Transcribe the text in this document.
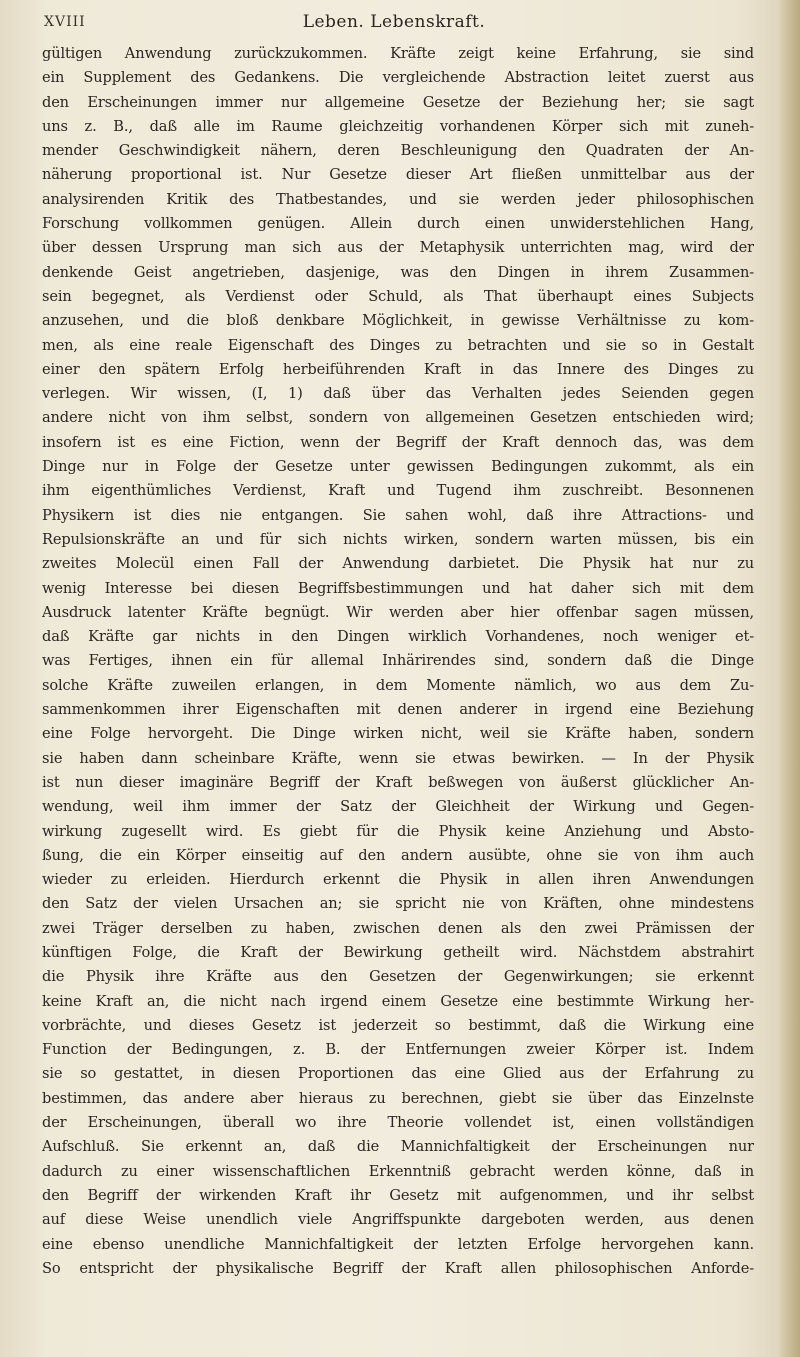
XVIII	Leben. Lebenskraft.
gültigen Anwendung zurückzukommen. Kräfte zeigt keine Erfahrung, sie sind
ein Supplement des Gedankens. Die vergleichende Abstraction leitet zuerst aus
den Erscheinungen immer nur allgemeine Gesetze der Beziehung her; sie sagt
uns z. B., daß alle im Raume gleichzeitig vorhandenen Körper sich mit zuneh-
mender Geschwindigkeit nähern, deren Beschleunigung den Quadraten der An-
näherung proportional ist. Nur Gesetze dieser Art fließen unmittelbar aus der
analysirenden Kritik des Thatbestandes, und sie werden jeder philosophischen
Forschung vollkommen genügen. Allein durch einen unwiderstehlichen Hang,
über dessen Ursprung man sich aus der Metaphysik unterrichten mag, wird der
denkende Geist angetrieben, dasjenige, was den Dingen in ihrem Zusammen-
sein begegnet, als Verdienst oder Schuld, als That überhaupt eines Subjects
anzusehen, und die bloß denkbare Möglichkeit, in gewisse Verhältnisse zu kom-
men, als eine reale Eigenschaft des Dinges zu betrachten und sie so in Gestalt
einer den spätern Erfolg herbeiführenden Kraft in das Innere des Dinges zu
verlegen. Wir wissen, (I, 1) daß über das Verhalten jedes Seienden gegen
andere nicht von ihm selbst, sondern von allgemeinen Gesetzen entschieden wird;
insofern ist es eine Fiction, wenn der Begriff der Kraft dennoch das, was dem
Dinge nur in Folge der Gesetze unter gewissen Bedingungen zukommt, als ein
ihm eigenthümliches Verdienst, Kraft und Tugend ihm zuschreibt. Besonnenen
Physikern ist dies nie entgangen. Sie sahen wohl, daß ihre Attractions- und
Repulsionskräfte an und für sich nichts wirken, sondern warten müssen, bis ein
zweites Molecül einen Fall der Anwendung darbietet. Die Physik hat nur zu
wenig Interesse bei diesen Begriffsbestimmungen und hat daher sich mit dem
Ausdruck latenter Kräfte begnügt. Wir werden aber hier offenbar sagen müssen,
daß Kräfte gar nichts in den Dingen wirklich Vorhandenes, noch weniger et-
was Fertiges, ihnen ein für allemal Inhärirendes sind, sondern daß die Dinge
solche Kräfte zuweilen erlangen, in dem Momente nämlich, wo aus dem Zu-
sammenkommen ihrer Eigenschaften mit denen anderer in irgend eine Beziehung
eine Folge hervorgeht. Die Dinge wirken nicht, weil sie Kräfte haben, sondern
sie haben dann scheinbare Kräfte, wenn sie etwas bewirken. — In der Physik
ist nun dieser imaginäre Begriff der Kraft beßwegen von äußerst glücklicher An-
wendung, weil ihm immer der Satz der Gleichheit der Wirkung und Gegen-
wirkung zugesellt wird. Es giebt für die Physik keine Anziehung und Absto-
ßung, die ein Körper einseitig auf den andern ausübte, ohne sie von ihm auch
wieder zu erleiden. Hierdurch erkennt die Physik in allen ihren Anwendungen
den Satz der vielen Ursachen an; sie spricht nie von Kräften, ohne mindestens
zwei Träger derselben zu haben, zwischen denen als den zwei Prämissen der
künftigen Folge, die Kraft der Bewirkung getheilt wird. Nächstdem abstrahirt
die Physik ihre Kräfte aus den Gesetzen der Gegenwirkungen; sie erkennt
keine Kraft an, die nicht nach irgend einem Gesetze eine bestimmte Wirkung her-
vorbrächte, und dieses Gesetz ist jederzeit so bestimmt, daß die Wirkung eine
Function der Bedingungen, z. B. der Entfernungen zweier Körper ist. Indem
sie so gestattet, in diesen Proportionen das eine Glied aus der Erfahrung zu
bestimmen, das andere aber hieraus zu berechnen, giebt sie über das Einzelnste
der Erscheinungen, überall wo ihre Theorie vollendet ist, einen vollständigen
Aufschluß. Sie erkennt an, daß die Mannichfaltigkeit der Erscheinungen nur
dadurch zu einer wissenschaftlichen Erkenntniß gebracht werden könne, daß in
den Begriff der wirkenden Kraft ihr Gesetz mit aufgenommen, und ihr selbst
auf diese Weise unendlich viele Angriffspunkte dargeboten werden, aus denen
eine ebenso unendliche Mannichfaltigkeit der letzten Erfolge hervorgehen kann.
So entspricht der physikalische Begriff der Kraft allen philosophischen Anforde-
